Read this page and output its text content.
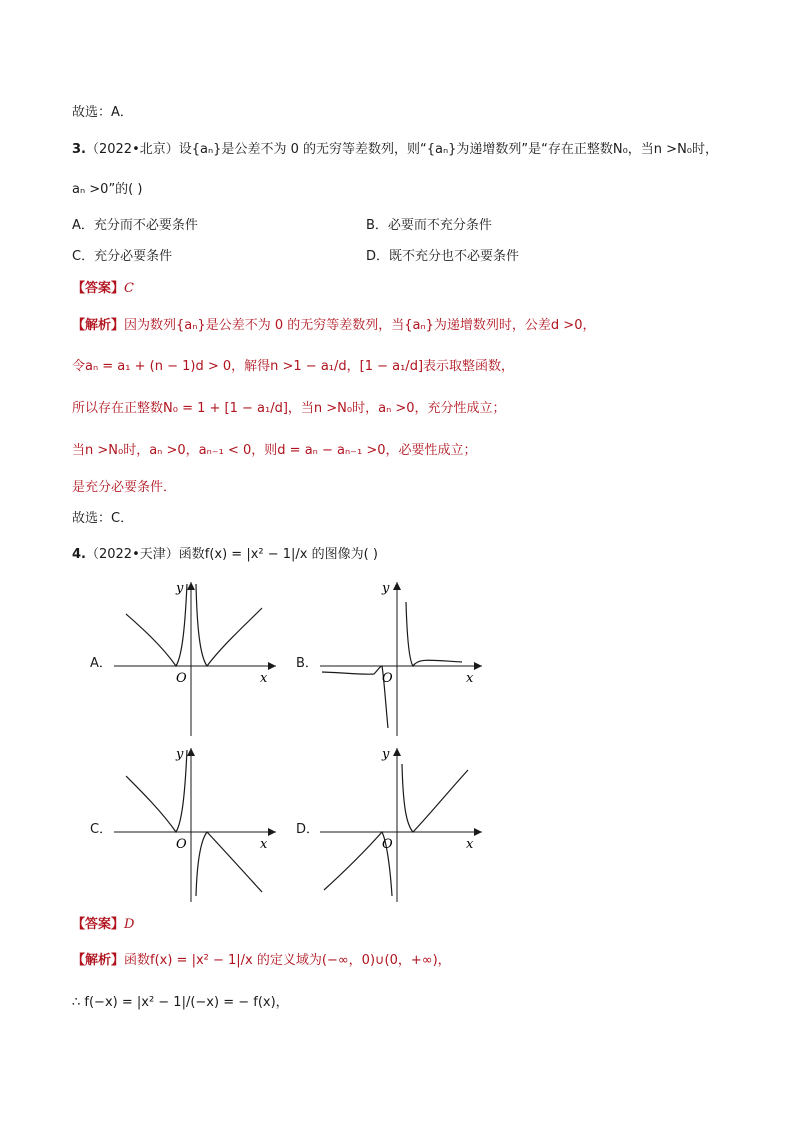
故选：A．
3.（2022•北京）设{aₙ}是公差不为 0 的无穷等差数列，则“{aₙ}为递增数列”是“存在正整数N₀，当n >N₀时，
aₙ >0”的( )
A．充分而不必要条件	B．必要而不充分条件
C．充分必要条件	D．既不充分也不必要条件
【答案】C
【解析】因为数列{aₙ}是公差不为 0 的无穷等差数列，当{aₙ}为递增数列时，公差d >0，
令aₙ = a₁ + (n − 1)d > 0，解得n >1 − a₁/d，[1 − a₁/d]表示取整函数，
所以存在正整数N₀ = 1 + [1 − a₁/d]，当n >N₀时，aₙ >0，充分性成立；
当n >N₀时，aₙ >0，aₙ₋₁ < 0，则d = aₙ − aₙ₋₁ >0，必要性成立；
是充分必要条件．
故选：C．
4.（2022•天津）函数f(x) = |x² − 1|/x 的图像为( )
A．	B．
C．	D．
O	x
y
O	x
y
O	x
y
O	x
y
【答案】D
【解析】函数f(x) = |x² − 1|/x 的定义域为(−∞，0)∪(0，+∞)，
∴ f(−x) = |x² − 1|/(−x) = − f(x)，
